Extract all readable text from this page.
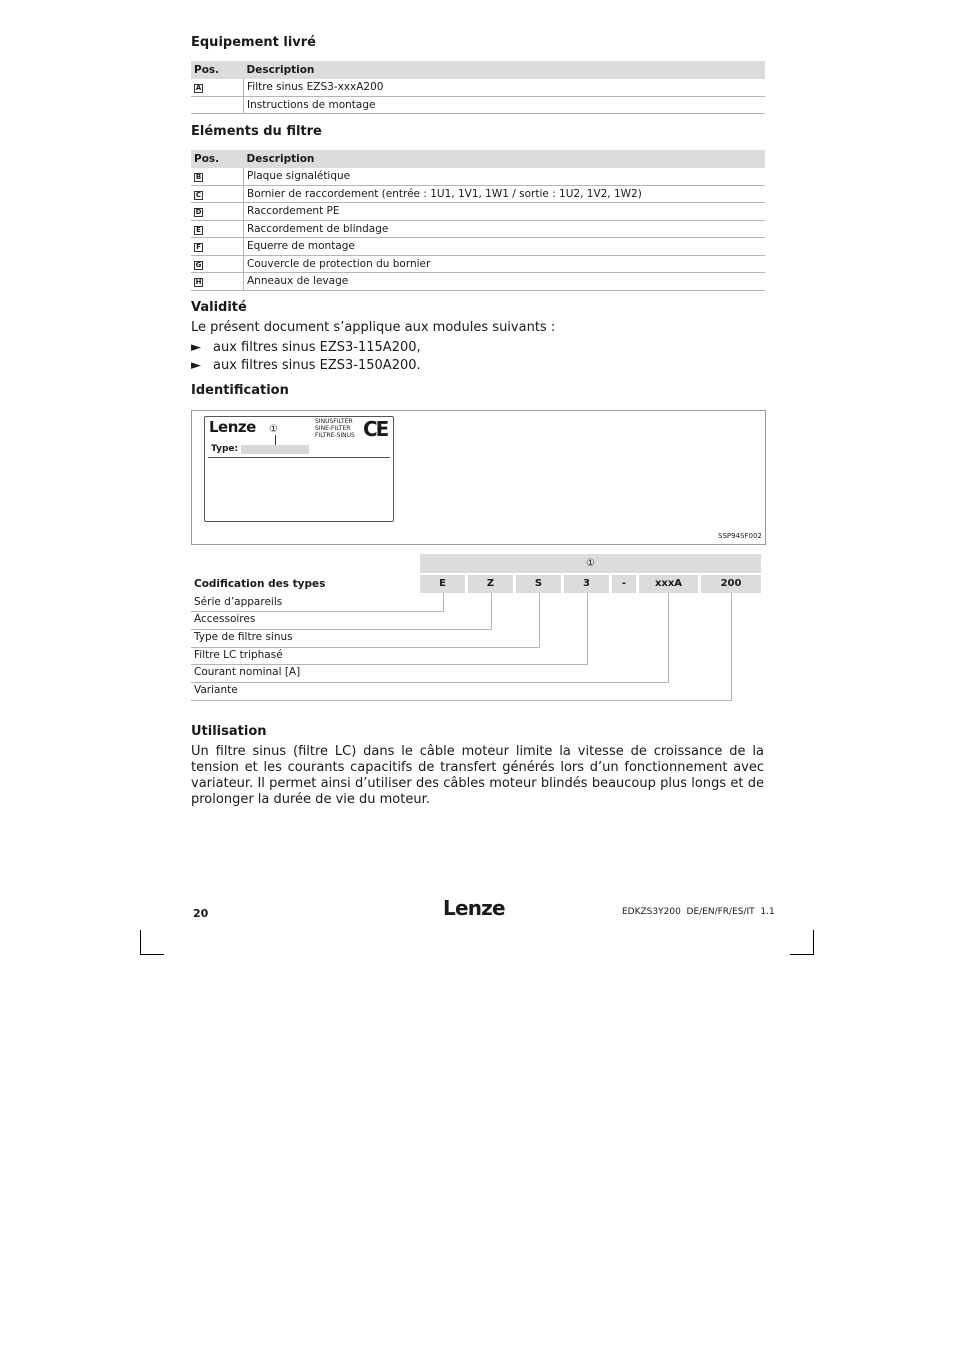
Equipement livré
Pos.	Description
A	Filtre sinus EZS3-xxxA200
	Instructions de montage
Eléments du filtre
Pos.	Description
B	Plaque signalétique
C	Bornier de raccordement (entrée : 1U1, 1V1, 1W1 / sortie : 1U2, 1V2, 1W2)
D	Raccordement PE
E	Raccordement de blindage
F	Equerre de montage
G	Couvercle de protection du bornier
H	Anneaux de levage
Validité
Le présent document s’applique aux modules suivants :
► aux filtres sinus EZS3-115A200,
► aux filtres sinus EZS3-150A200.
Identification
Lenze ①
SINUSFILTER
SINE-FILTER
FILTRE-SINUS CE
Type:
SSP94SF002
①
Codification des types	E	Z	S	3	-	xxxA	200
Série d’appareils
Accessoires
Type de filtre sinus
Filtre LC triphasé
Courant nominal [A]
Variante
Utilisation
Un filtre sinus (filtre LC) dans le câble moteur limite la vitesse de croissance de la tension et les courants capacitifs de transfert générés lors d’un fonctionnement avec variateur. Il permet ainsi d’utiliser des câbles moteur blindés beaucoup plus longs et de prolonger la durée de vie du moteur.
20	Lenze	EDKZS3Y200  DE/EN/FR/ES/IT  1.1
